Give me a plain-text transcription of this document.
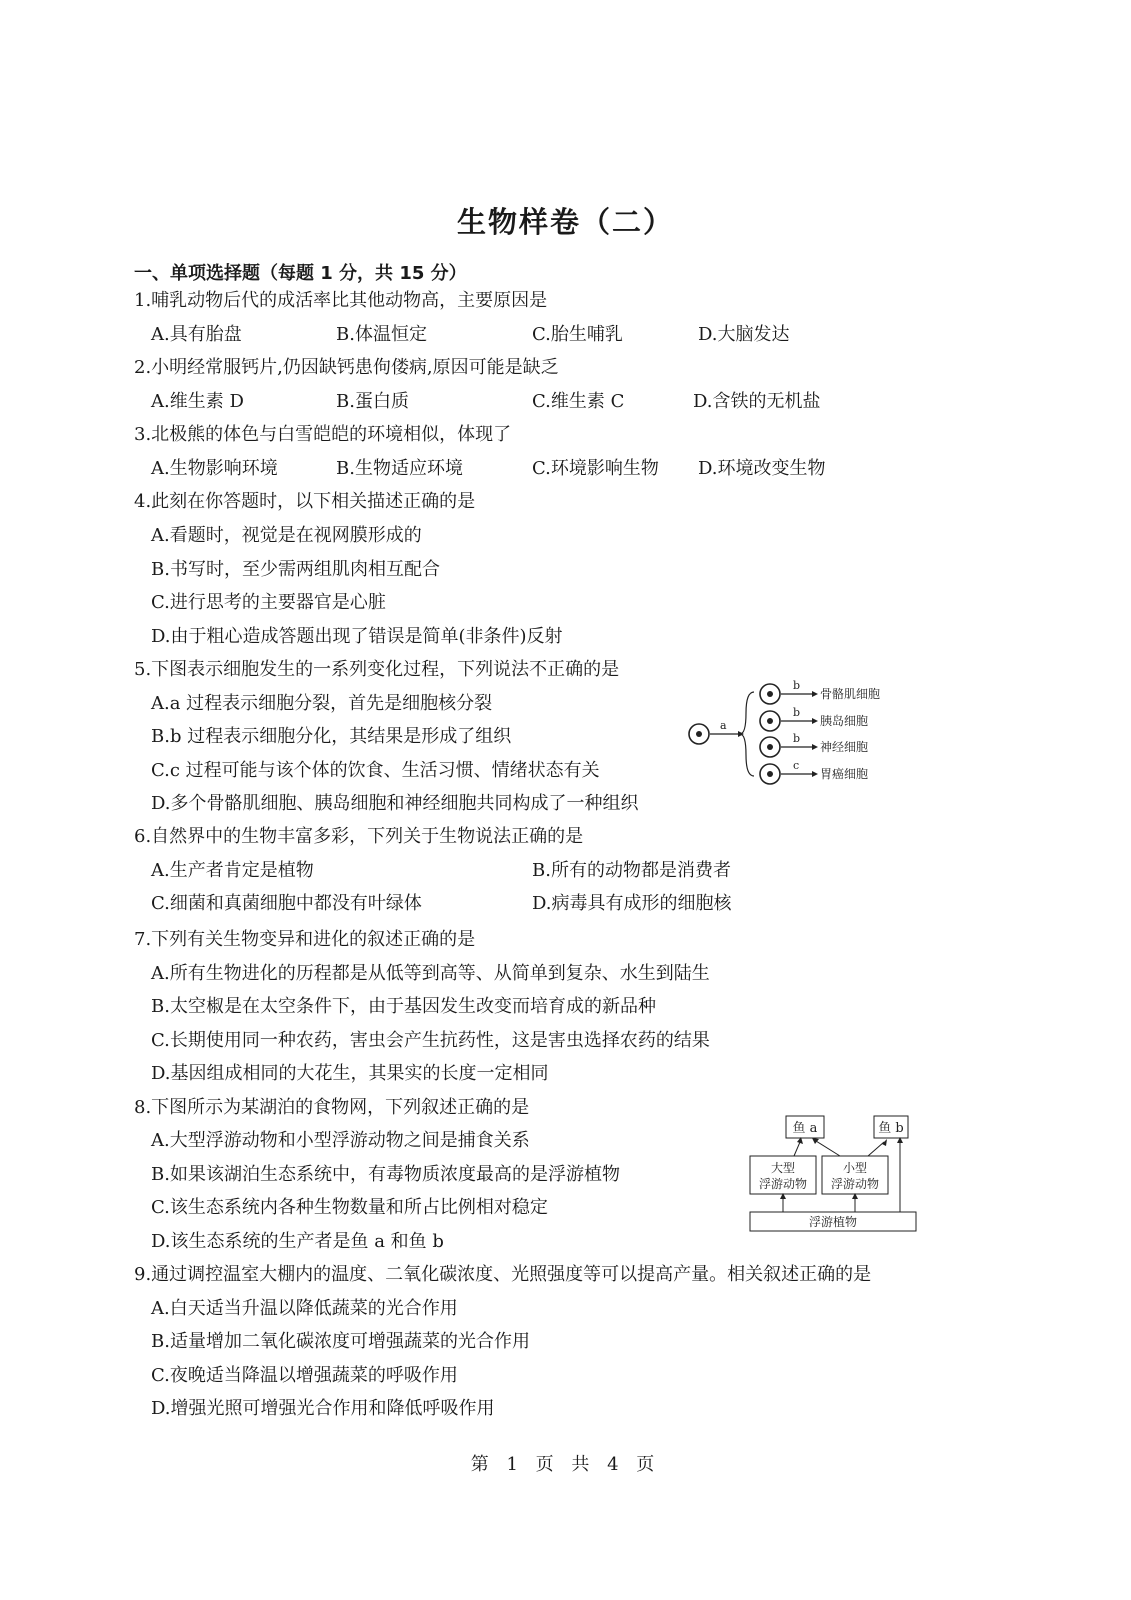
生物样卷（二）
一、单项选择题（每题 1 分，共 15 分）
1.哺乳动物后代的成活率比其他动物高，主要原因是
A.具有胎盘	B.体温恒定	C.胎生哺乳	D.大脑发达
2.小明经常服钙片,仍因缺钙患佝偻病,原因可能是缺乏
A.维生素 D	B.蛋白质	C.维生素 C	D.含铁的无机盐
3.北极熊的体色与白雪皑皑的环境相似，体现了
A.生物影响环境	B.生物适应环境	C.环境影响生物 D.环境改变生物
4.此刻在你答题时，以下相关描述正确的是
A.看题时，视觉是在视网膜形成的
B.书写时，至少需两组肌肉相互配合
C.进行思考的主要器官是心脏
D.由于粗心造成答题出现了错误是简单(非条件)反射
5.下图表示细胞发生的一系列变化过程，下列说法不正确的是
A.a 过程表示细胞分裂，首先是细胞核分裂
B.b 过程表示细胞分化，其结果是形成了组织
C.c 过程可能与该个体的饮食、生活习惯、情绪状态有关
D.多个骨骼肌细胞、胰岛细胞和神经细胞共同构成了一种组织
a
b
骨骼肌细胞
b
胰岛细胞
b
神经细胞
c
胃癌细胞
6.自然界中的生物丰富多彩，下列关于生物说法正确的是
A.生产者肯定是植物	B.所有的动物都是消费者
C.细菌和真菌细胞中都没有叶绿体	D.病毒具有成形的细胞核
7.下列有关生物变异和进化的叙述正确的是
A.所有生物进化的历程都是从低等到高等、从简单到复杂、水生到陆生
B.太空椒是在太空条件下，由于基因发生改变而培育成的新品种
C.长期使用同一种农药，害虫会产生抗药性，这是害虫选择农药的结果
D.基因组成相同的大花生，其果实的长度一定相同
8.下图所示为某湖泊的食物网，下列叙述正确的是
A.大型浮游动物和小型浮游动物之间是捕食关系
B.如果该湖泊生态系统中，有毒物质浓度最高的是浮游植物
C.该生态系统内各种生物数量和所占比例相对稳定
D.该生态系统的生产者是鱼 a 和鱼 b
鱼 a	鱼 b
大型
浮游动物
小型
浮游动物
浮游植物
9.通过调控温室大棚内的温度、二氧化碳浓度、光照强度等可以提高产量。相关叙述正确的是
A.白天适当升温以降低蔬菜的光合作用
B.适量增加二氧化碳浓度可增强蔬菜的光合作用
C.夜晚适当降温以增强蔬菜的呼吸作用
D.增强光照可增强光合作用和降低呼吸作用
第 1 页 共 4 页
